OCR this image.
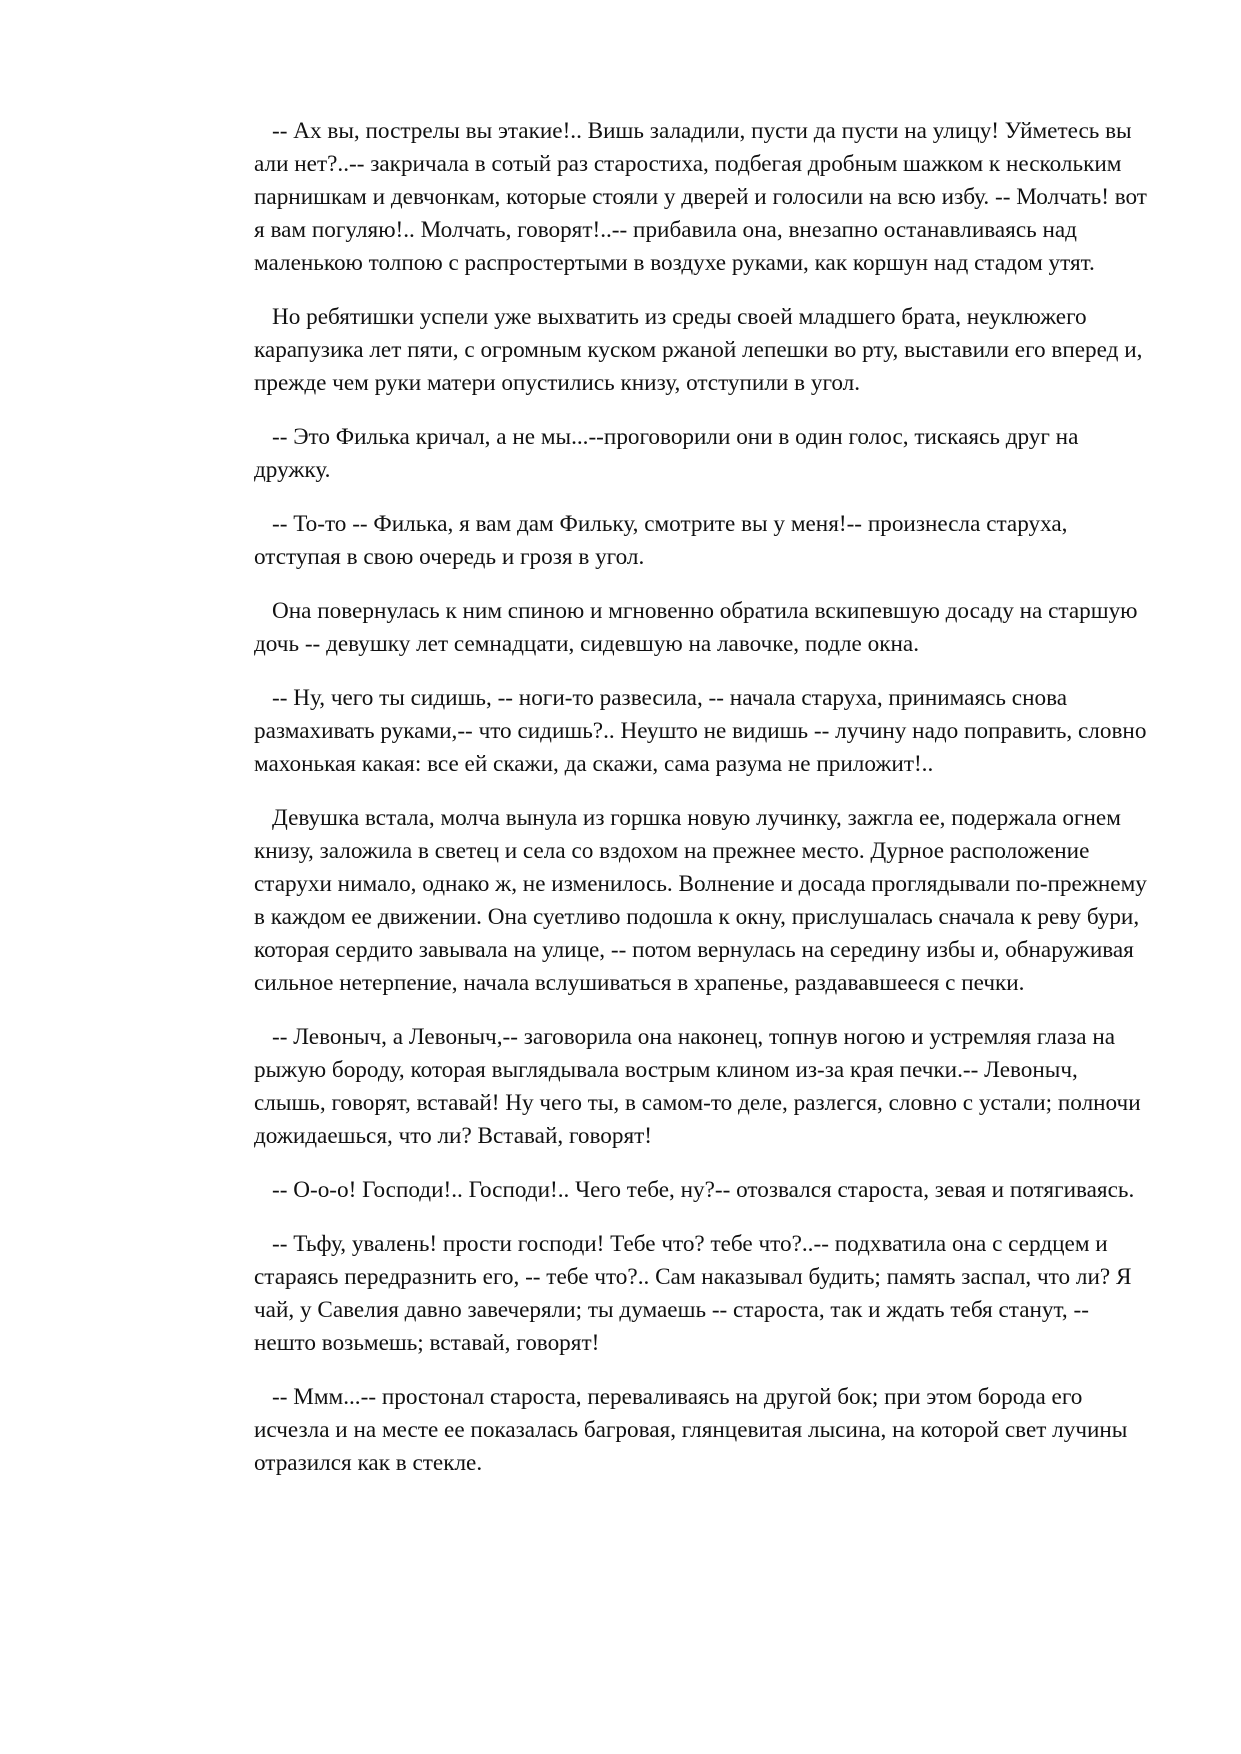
-- Ах вы, пострелы вы этакие!.. Вишь заладили, пусти да пусти на улицу! Уйметесь вы али нет?..-- закричала в сотый раз старостиха, подбегая дробным шажком к нескольким парнишкам и девчонкам, которые стояли у дверей и голосили на всю избу. -- Молчать! вот я вам погуляю!.. Молчать, говорят!..-- прибавила она, внезапно останавливаясь над маленькою толпою с распростертыми в воздухе руками, как коршун над стадом утят.

Но ребятишки успели уже выхватить из среды своей младшего брата, неуклюжего карапузика лет пяти, с огромным куском ржаной лепешки во рту, выставили его вперед и, прежде чем руки матери опустились книзу, отступили в угол.

-- Это Филька кричал, а не мы...--проговорили они в один голос, тискаясь друг на дружку.

-- То-то -- Филька, я вам дам Фильку, смотрите вы у меня!-- произнесла старуха, отступая в свою очередь и грозя в угол.

Она повернулась к ним спиною и мгновенно обратила вскипевшую досаду на старшую дочь -- девушку лет семнадцати, сидевшую на лавочке, подле окна.

-- Ну, чего ты сидишь, -- ноги-то развесила, -- начала старуха, принимаясь снова размахивать руками,-- что сидишь?.. Неушто не видишь -- лучину надо поправить, словно махонькая какая: все ей скажи, да скажи, сама разума не приложит!..

Девушка встала, молча вынула из горшка новую лучинку, зажгла ее, подержала огнем книзу, заложила в светец и села со вздохом на прежнее место. Дурное расположение старухи нимало, однако ж, не изменилось. Волнение и досада проглядывали по-прежнему в каждом ее движении. Она суетливо подошла к окну, прислушалась сначала к реву бури, которая сердито завывала на улице, -- потом вернулась на середину избы и, обнаруживая сильное нетерпение, начала вслушиваться в храпенье, раздававшееся с печки.

-- Левоныч, а Левоныч,-- заговорила она наконец, топнув ногою и устремляя глаза на рыжую бороду, которая выглядывала вострым клином из-за края печки.-- Левоныч, слышь, говорят, вставай! Ну чего ты, в самом-то деле, разлегся, словно с устали; полночи дожидаешься, что ли? Вставай, говорят!

-- О-о-о! Господи!.. Господи!.. Чего тебе, ну?-- отозвался староста, зевая и потягиваясь.

-- Тьфу, увалень! прости господи! Тебе что? тебе что?..-- подхватила она с сердцем и стараясь передразнить его, -- тебе что?.. Сам наказывал будить; память заспал, что ли? Я чай, у Савелия давно завечеряли; ты думаешь -- староста, так и ждать тебя станут, -- нешто возьмешь; вставай, говорят!

-- Ммм...-- простонал староста, переваливаясь на другой бок; при этом борода его исчезла и на месте ее показалась багровая, глянцевитая лысина, на которой свет лучины отразился как в стекле.
